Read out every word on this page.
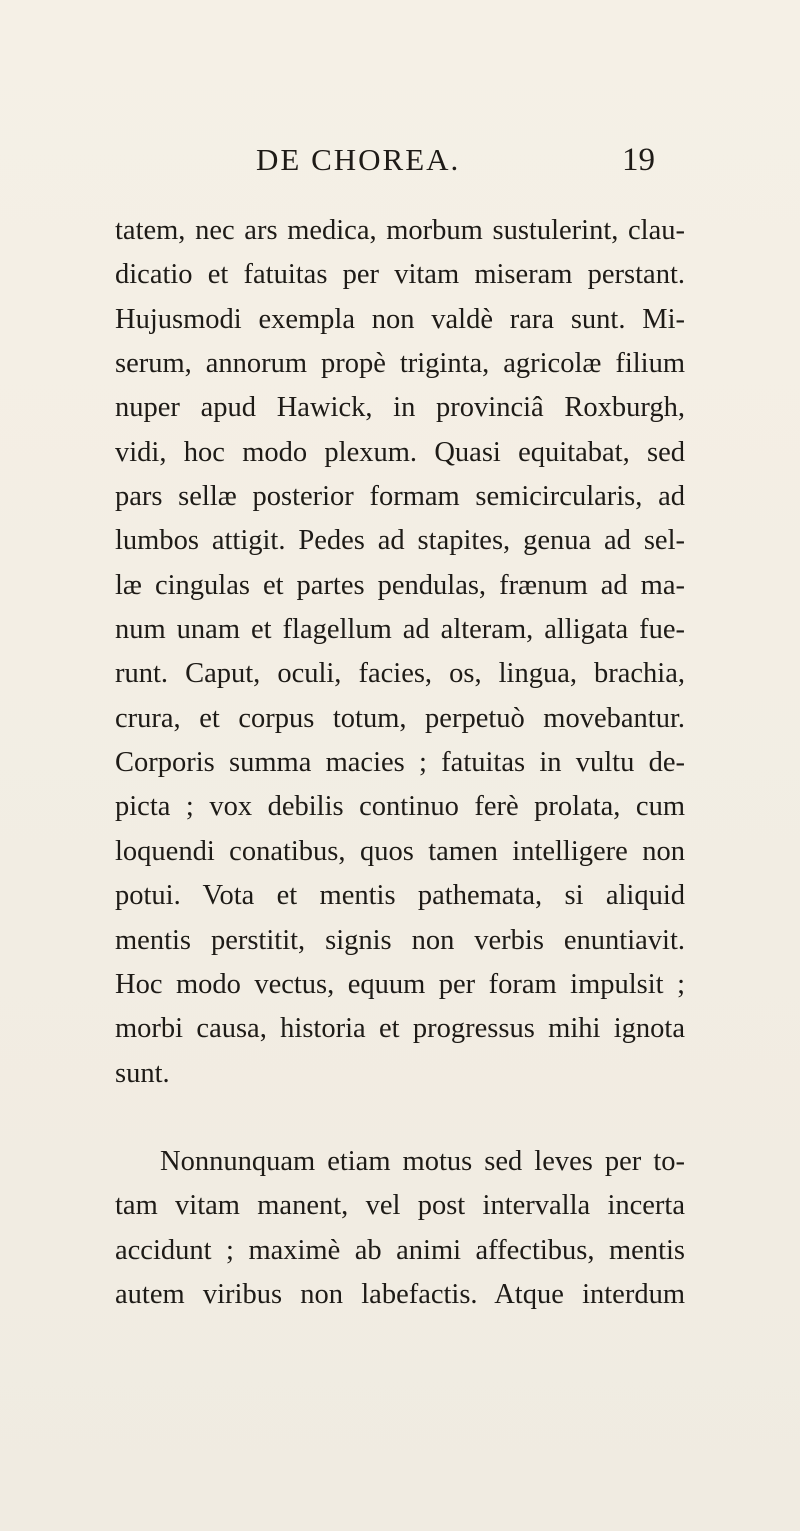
DE CHOREA.	19
tatem, nec ars medica, morbum sustulerint, clau-
dicatio et fatuitas per vitam miseram perstant.
Hujusmodi exempla non valdè rara sunt. Mi-
serum, annorum propè triginta, agricolæ filium
nuper apud Hawick, in provinciâ Roxburgh,
vidi, hoc modo plexum. Quasi equitabat, sed
pars sellæ posterior formam semicircularis, ad
lumbos attigit. Pedes ad stapites, genua ad sel-
læ cingulas et partes pendulas, frænum ad ma-
num unam et flagellum ad alteram, alligata fue-
runt. Caput, oculi, facies, os, lingua, brachia,
crura, et corpus totum, perpetuò movebantur.
Corporis summa macies ; fatuitas in vultu de-
picta ; vox debilis continuo ferè prolata, cum
loquendi conatibus, quos tamen intelligere non
potui. Vota et mentis pathemata, si aliquid
mentis perstitit, signis non verbis enuntiavit.
Hoc modo vectus, equum per foram impulsit ;
morbi causa, historia et progressus mihi ignota
sunt.
Nonnunquam etiam motus sed leves per to-
tam vitam manent, vel post intervalla incerta
accidunt ; maximè ab animi affectibus, mentis
autem viribus non labefactis. Atque interdum
